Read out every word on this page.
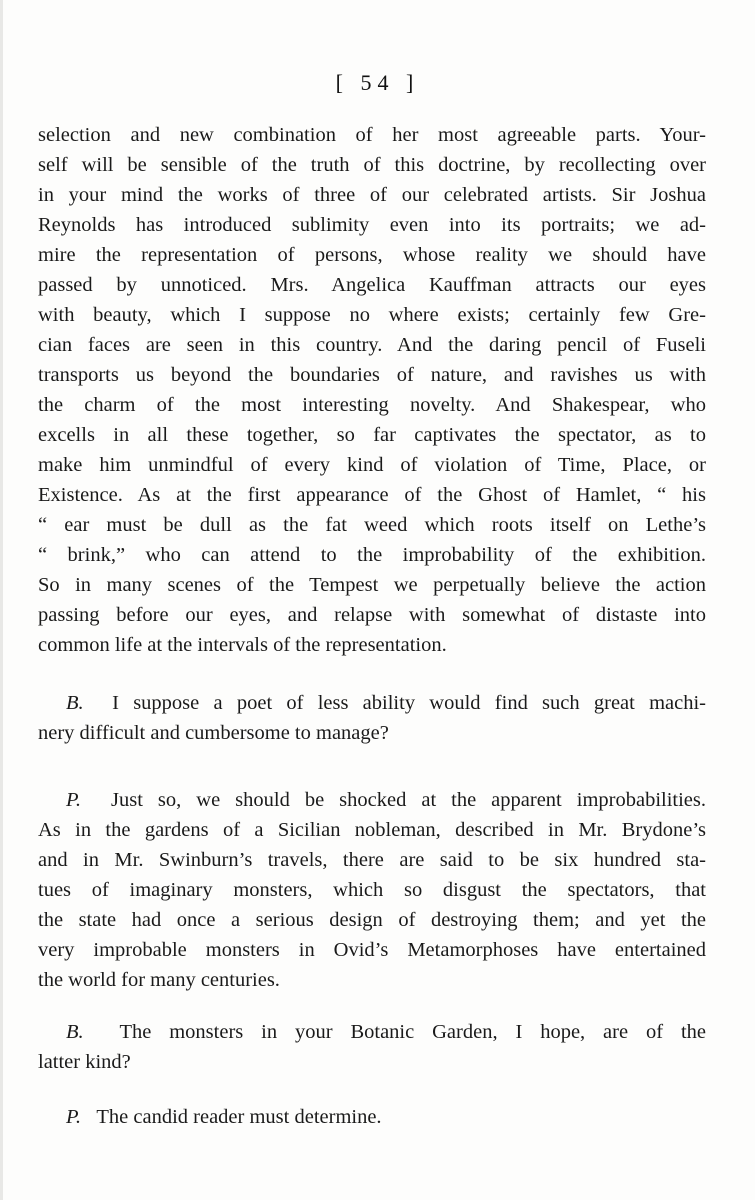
[ 54 ]
selection and new combination of her most agreeable parts. Your-
self will be sensible of the truth of this doctrine, by recollecting over
in your mind the works of three of our celebrated artists. Sir Joshua
Reynolds has introduced sublimity even into its portraits; we ad-
mire the representation of persons, whose reality we should have
passed by unnoticed. Mrs. Angelica Kauffman attracts our eyes
with beauty, which I suppose no where exists; certainly few Gre-
cian faces are seen in this country. And the daring pencil of Fuseli
transports us beyond the boundaries of nature, and ravishes us with
the charm of the most interesting novelty. And Shakespear, who
excells in all these together, so far captivates the spectator, as to
make him unmindful of every kind of violation of Time, Place, or
Existence. As at the first appearance of the Ghost of Hamlet, “ his
“ ear must be dull as the fat weed which roots itself on Lethe’s
“ brink,” who can attend to the improbability of the exhibition.
So in many scenes of the Tempest we perpetually believe the action
passing before our eyes, and relapse with somewhat of distaste into
common life at the intervals of the representation.
B. I suppose a poet of less ability would find such great machi-
nery difficult and cumbersome to manage?
P. Just so, we should be shocked at the apparent improbabilities.
As in the gardens of a Sicilian nobleman, described in Mr. Brydone’s
and in Mr. Swinburn’s travels, there are said to be six hundred sta-
tues of imaginary monsters, which so disgust the spectators, that
the state had once a serious design of destroying them; and yet the
very improbable monsters in Ovid’s Metamorphoses have entertained
the world for many centuries.
B. The monsters in your Botanic Garden, I hope, are of the
latter kind?
P. The candid reader must determine.
